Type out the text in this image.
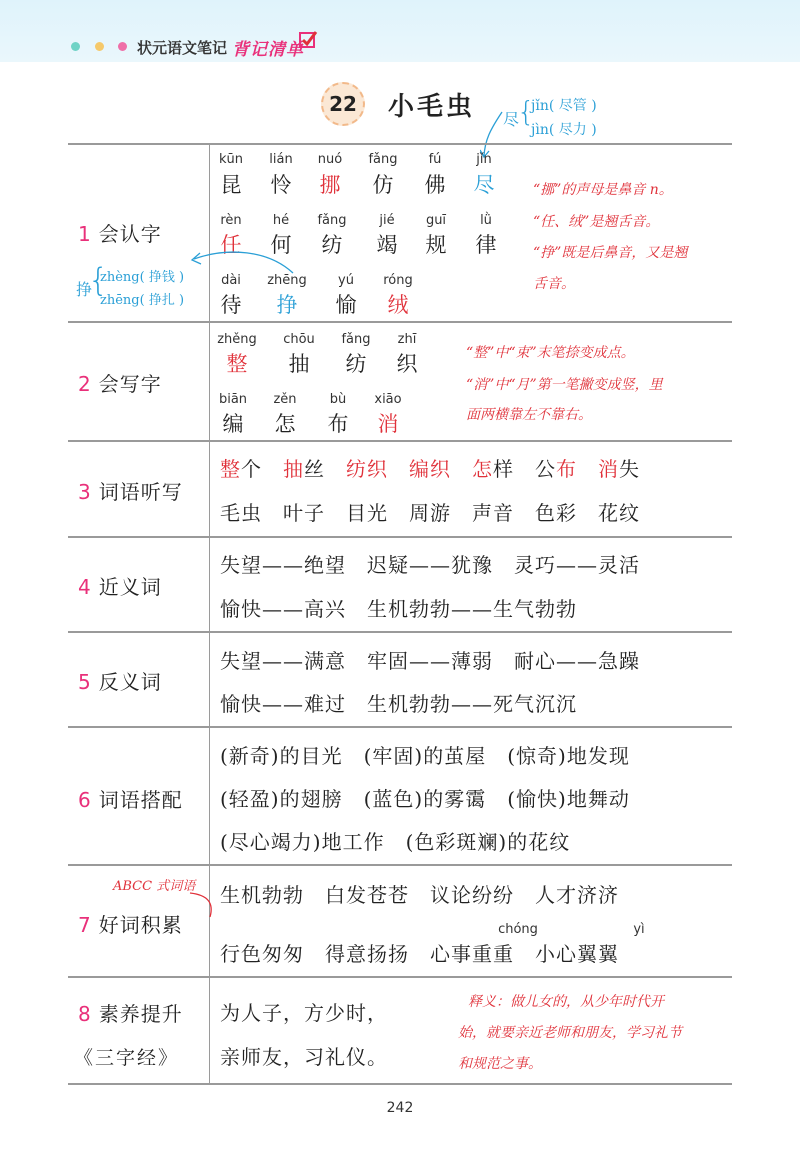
状元语文笔记 背记清单
22	小毛虫 尽
{
jǐn( 尽管 )
jìn( 尽力 )
1 会认字
2 会写字
3 词语听写
4 近义词
5 反义词
6 词语搭配
7 好词积累
8 素养提升
《三字经》
kūn
昆
lián
怜
nuó
挪
fǎng
仿
fú
佛
jǐn
尽
rèn
任
hé
何
fǎng
纺
jié
竭
guī
规
lǜ
律
dài
待
zhēng
挣
yú
愉
róng
绒
挣
{
zhèng( 挣钱 )
zhēng( 挣扎 )
“挪”的声母是鼻音 n。
“任、绒”是翘舌音。
“挣”既是后鼻音，又是翘
舌音。
zhěng
整
chōu
抽
fǎng
纺
zhī
织
biān
编
zěn
怎
bù
布
xiāo
消
“整”中“束”末笔捺变成点。
“消”中“月”第一笔撇变成竖，里
面两横靠左不靠右。
整个　 抽丝　 纺织　 编织　 怎样　 公布　 消失
毛虫　 叶子　 目光　 周游　 声音　 色彩　 花纹
失望——绝望　迟疑——犹豫　灵巧——灵活
愉快——高兴　生机勃勃——生气勃勃
失望——满意　牢固——薄弱　耐心——急躁
愉快——难过　生机勃勃——死气沉沉
(新奇)的目光　(牢固)的茧屋　(惊奇)地发现
(轻盈)的翅膀　(蓝色)的雾霭　(愉快)地舞动
(尽心竭力)地工作　(色彩斑斓)的花纹
ABCC 式词语 生机勃勃　白发苍苍　议论纷纷　人才济济
chóng	yì
行色匆匆　得意扬扬　心事重重　小心翼翼
为人子，方少时，
亲师友，习礼仪。
释义：做儿女的，从少年时代开
始，就要亲近老师和朋友，学习礼节
和规范之事。
242
